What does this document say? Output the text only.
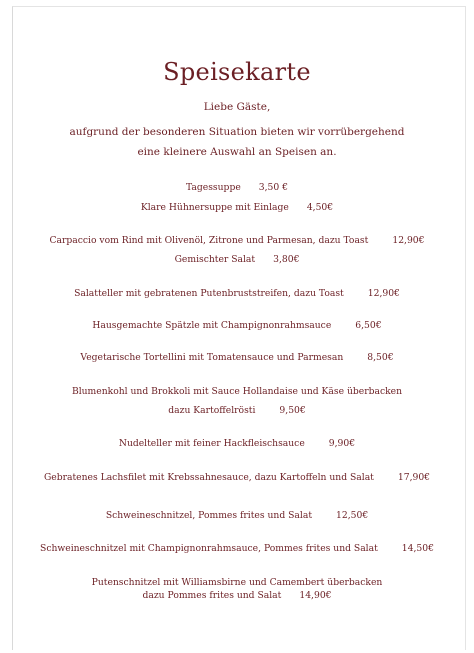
Speisekarte
Liebe Gäste,
aufgrund der besonderen Situation bieten wir vorrübergehend
eine kleinere Auswahl an Speisen an.
Tagessuppe 3,50 €
Klare Hühnersuppe mit Einlage 4,50€
Carpaccio vom Rind mit Olivenöl, Zitrone und Parmesan, dazu Toast	12,90€
Gemischter Salat 3,80€
Salatteller mit gebratenen Putenbruststreifen, dazu Toast	12,90€
Hausgemachte Spätzle mit Champignonrahmsauce	6,50€
Vegetarische Tortellini mit Tomatensauce und Parmesan	8,50€
Blumenkohl und Brokkoli mit Sauce Hollandaise und Käse überbacken
dazu Kartoffelrösti	9,50€
Nudelteller mit feiner Hackfleischsauce	9,90€
Gebratenes Lachsfilet mit Krebssahnesauce, dazu Kartoffeln und Salat	17,90€
Schweineschnitzel, Pommes frites und Salat	12,50€
Schweineschnitzel mit Champignonrahmsauce, Pommes frites und Salat	14,50€
Putenschnitzel mit Williamsbirne und Camembert überbacken
dazu Pommes frites und Salat 14,90€
